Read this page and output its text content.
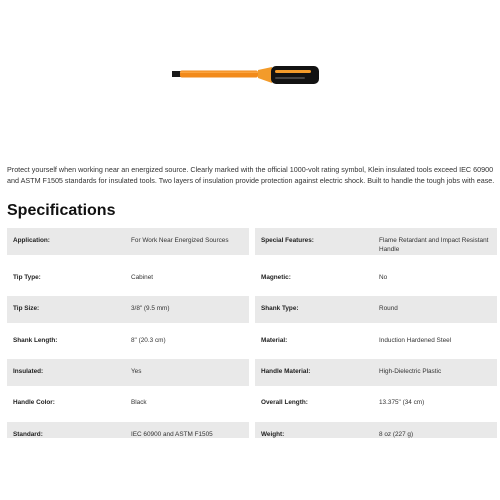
Protect yourself when working near an energized source. Clearly marked with the official 1000-volt rating symbol, Klein insulated tools exceed IEC 60900 and ASTM F1505 standards for insulated tools. Two layers of insulation provide protection against electric shock. Built to handle the tough jobs with ease.

Specifications
Application:	For Work Near Energized Sources	Special Features:	Flame Retardant and Impact Resistant Handle
Tip Type:	Cabinet	Magnetic:	No
Tip Size:	3/8" (9.5 mm)	Shank Type:	Round
Shank Length:	8" (20.3 cm)	Material:	Induction Hardened Steel
Insulated:	Yes	Handle Material:	High-Dielectric Plastic
Handle Color:	Black	Overall Length:	13.375" (34 cm)
Standard:	IEC 60900 and ASTM F1505	Weight:	8 oz (227 g)
